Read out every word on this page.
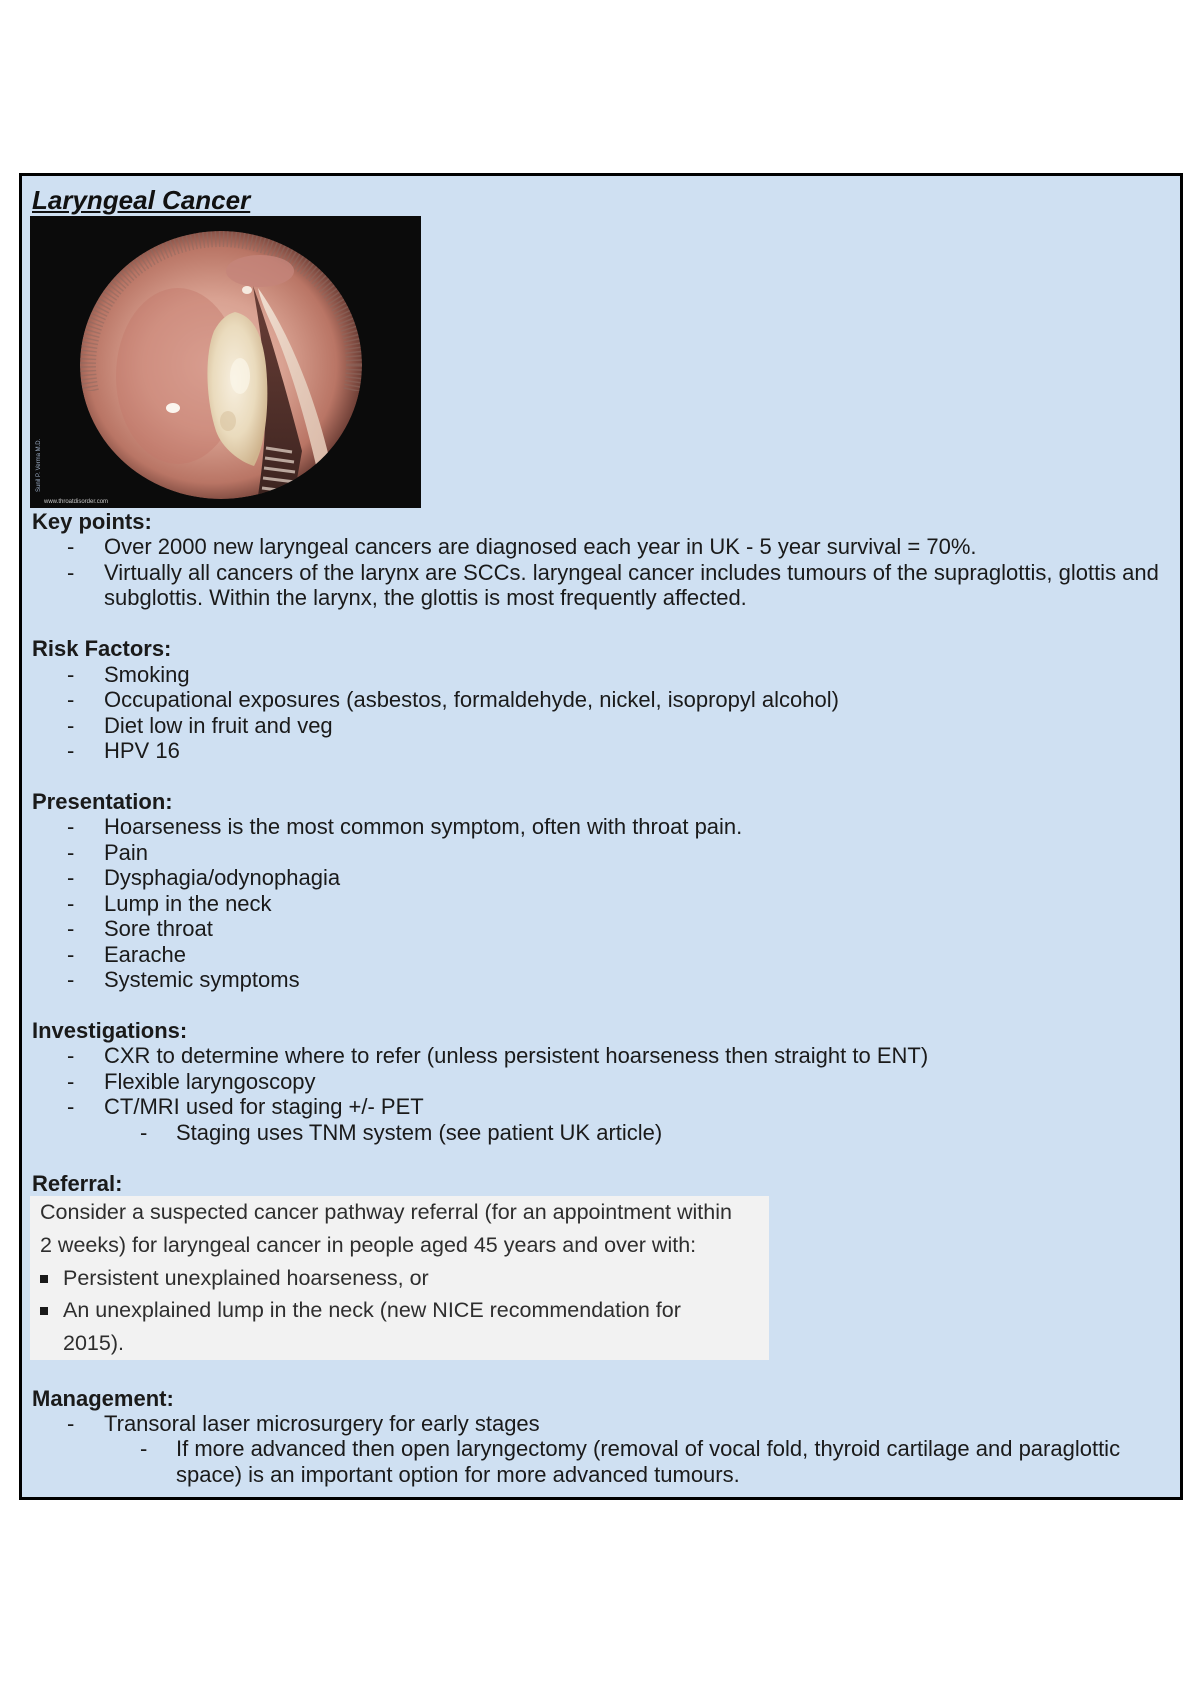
Laryngeal Cancer
www.throatdisorder.com
Sunil P. Verma M.D.
Key points:
-	Over 2000 new laryngeal cancers are diagnosed each year in UK - 5 year survival = 70%.
-	Virtually all cancers of the larynx are SCCs. laryngeal cancer includes tumours of the supraglottis, glottis and subglottis. Within the larynx, the glottis is most frequently affected.
Risk Factors:
-	Smoking
-	Occupational exposures (asbestos, formaldehyde, nickel, isopropyl alcohol)
-	Diet low in fruit and veg
-	HPV 16
Presentation:
-	Hoarseness is the most common symptom, often with throat pain.
-	Pain
-	Dysphagia/odynophagia
-	Lump in the neck
-	Sore throat
-	Earache
-	Systemic symptoms
Investigations:
-	CXR to determine where to refer (unless persistent hoarseness then straight to ENT)
-	Flexible laryngoscopy
-	CT/MRI used for staging +/- PET
-	Staging uses TNM system (see patient UK article)
Referral:
Consider a suspected cancer pathway referral (for an appointment within 2 weeks) for laryngeal cancer in people aged 45 years and over with:
Persistent unexplained hoarseness, or
An unexplained lump in the neck (new NICE recommendation for 2015).
Management:
-	Transoral laser microsurgery for early stages
-	If more advanced then open laryngectomy (removal of vocal fold, thyroid cartilage and paraglottic space) is an important option for more advanced tumours.
